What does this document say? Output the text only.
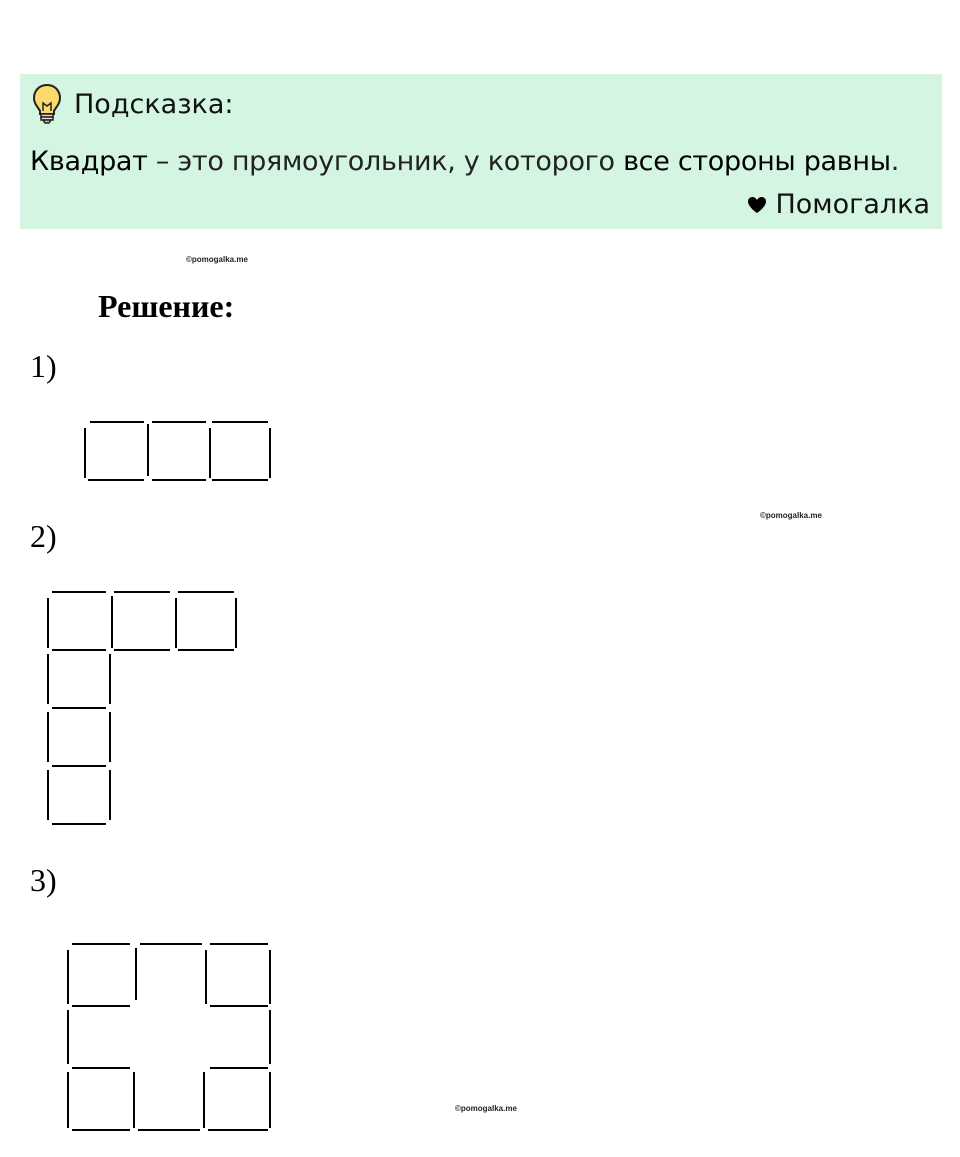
Подсказка:
Квадрат – это прямоугольник, у которого все стороны равны.
Помогалка
©pomogalka.me
©pomogalka.me
©pomogalka.me
Решение:
1)
2)
3)
